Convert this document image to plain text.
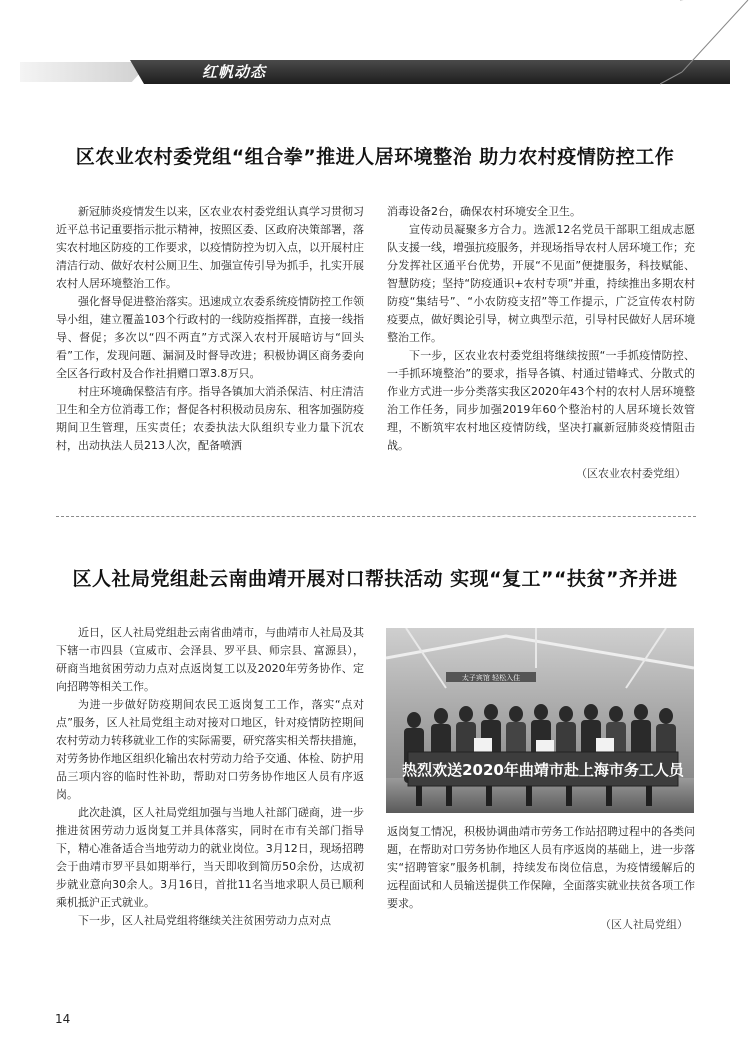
红帆动态
区农业农村委党组“组合拳”推进人居环境整治 助力农村疫情防控工作

新冠肺炎疫情发生以来，区农业农村委党组认真学习贯彻习近平总书记重要指示批示精神，按照区委、区政府决策部署，落实农村地区防疫的工作要求，以疫情防控为切入点，以开展村庄清洁行动、做好农村公厕卫生、加强宣传引导为抓手，扎实开展农村人居环境整治工作。

强化督导促进整治落实。迅速成立农委系统疫情防控工作领导小组，建立覆盖103个行政村的一线防疫指挥群，直接一线指导、督促；多次以“四不两直”方式深入农村开展暗访与“回头看”工作，发现问题、漏洞及时督导改进；积极协调区商务委向全区各行政村及合作社捐赠口罩3.8万只。

村庄环境确保整洁有序。指导各镇加大消杀保洁、村庄清洁卫生和全方位消毒工作；督促各村积极动员房东、租客加强防疫期间卫生管理，压实责任；农委执法大队组织专业力量下沉农村，出动执法人员213人次，配备喷洒

消毒设备2台，确保农村环境安全卫生。

宣传动员凝聚多方合力。选派12名党员干部职工组成志愿队支援一线，增强抗疫服务，并现场指导农村人居环境工作；充分发挥社区通平台优势，开展“不见面”便捷服务，科技赋能、智慧防疫；坚持“防疫通识+农村专项”并重，持续推出多期农村防疫“集结号”、“小农防疫支招”等工作提示，广泛宣传农村防疫要点，做好舆论引导，树立典型示范，引导村民做好人居环境整治工作。

下一步，区农业农村委党组将继续按照“一手抓疫情防控、一手抓环境整治”的要求，指导各镇、村通过错峰式、分散式的作业方式进一步分类落实我区2020年43个村的农村人居环境整治工作任务，同步加强2019年60个整治村的人居环境长效管理，不断筑牢农村地区疫情防线，坚决打赢新冠肺炎疫情阻击战。

（区农业农村委党组）
区人社局党组赴云南曲靖开展对口帮扶活动 实现“复工”“扶贫”齐并进

近日，区人社局党组赴云南省曲靖市，与曲靖市人社局及其下辖一市四县（宣威市、会泽县、罗平县、师宗县、富源县），研商当地贫困劳动力点对点返岗复工以及2020年劳务协作、定向招聘等相关工作。

为进一步做好防疫期间农民工返岗复工工作，落实“点对点”服务，区人社局党组主动对接对口地区，针对疫情防控期间农村劳动力转移就业工作的实际需要，研究落实相关帮扶措施，对劳务协作地区组织化输出农村劳动力给予交通、体检、防护用品三项内容的临时性补助，帮助对口劳务协作地区人员有序返岗。

此次赴滇，区人社局党组加强与当地人社部门磋商，进一步推进贫困劳动力返岗复工并具体落实，同时在市有关部门指导下，精心准备适合当地劳动力的就业岗位。3月12日，现场招聘会于曲靖市罗平县如期举行，当天即收到简历50余份，达成初步就业意向30余人。3月16日，首批11名当地求职人员已顺利乘机抵沪正式就业。

下一步，区人社局党组将继续关注贫困劳动力点对点

太子宾馆 轻松入住
热烈欢送2020年曲靖市赴上海市务工人员

返岗复工情况，积极协调曲靖市劳务工作站招聘过程中的各类问题，在帮助对口劳务协作地区人员有序返岗的基础上，进一步落实“招聘管家”服务机制，持续发布岗位信息，为疫情缓解后的远程面试和人员输送提供工作保障，全面落实就业扶贫各项工作要求。

（区人社局党组）
14
